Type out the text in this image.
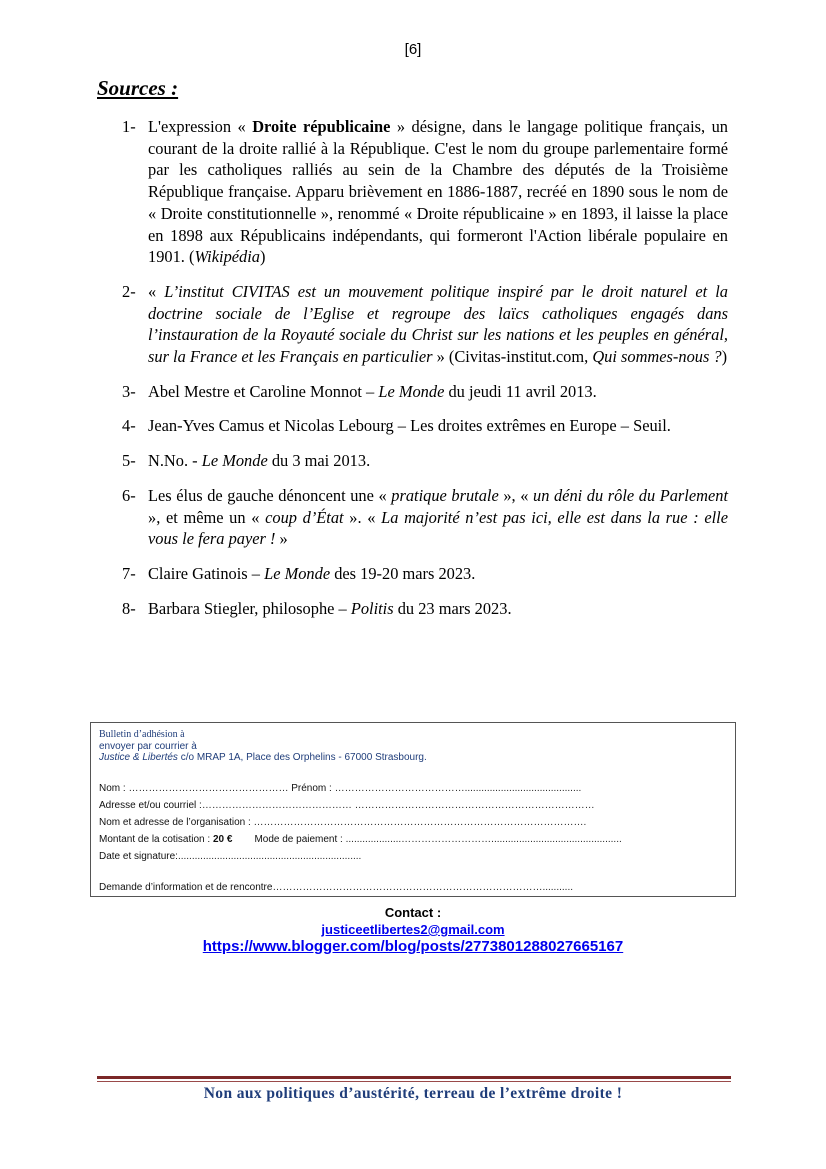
[6]
Sources :
1- L'expression « Droite républicaine » désigne, dans le langage politique français, un courant de la droite rallié à la République. C'est le nom du groupe parlementaire formé par les catholiques ralliés au sein de la Chambre des députés de la Troisième République française. Apparu brièvement en 1886-1887, recréé en 1890 sous le nom de « Droite constitutionnelle », renommé « Droite républicaine » en 1893, il laisse la place en 1898 aux Républicains indépendants, qui formeront l'Action libérale populaire en 1901. (Wikipédia)
2- « L’institut CIVITAS est un mouvement politique inspiré par le droit naturel et la doctrine sociale de l’Eglise et regroupe des laïcs catholiques engagés dans l’instauration de la Royauté sociale du Christ sur les nations et les peuples en général, sur la France et les Français en particulier » (Civitas-institut.com, Qui sommes-nous ?)
3- Abel Mestre et Caroline Monnot – Le Monde du jeudi 11 avril 2013.
4- Jean-Yves Camus et Nicolas Lebourg – Les droites extrêmes en Europe – Seuil.
5- N.No. - Le Monde du 3 mai 2013.
6- Les élus de gauche dénoncent une « pratique brutale », « un déni du rôle du Parlement », et même un « coup d’État ». « La majorité n’est pas ici, elle est dans la rue : elle vous le fera payer ! »
7- Claire Gatinois – Le Monde des 19-20 mars 2023.
8- Barbara Stiegler, philosophe – Politis du 23 mars 2023.
Bulletin d’adhésion à
envoyer par courrier à
Justice & Libertés c/o MRAP 1A, Place des Orphelins - 67000 Strasbourg.
Nom : ………………………………………… Prénom : …………………………………..........................................
Adresse et/ou courriel :……………………………………… ………………………………………………………………
Nom et adresse de l’organisation : ……………………………………………………………………………………….
Montant de la cotisation : 20 € Mode de paiement : ....................………………………...............................................
Date et signature:..................................................................
Demande d’information et de rencontre………………………………………………………………………...........
Contact :
justiceetlibertes2@gmail.com
https://www.blogger.com/blog/posts/2773801288027665167
Non aux politiques d’austérité, terreau de l’extrême droite !
